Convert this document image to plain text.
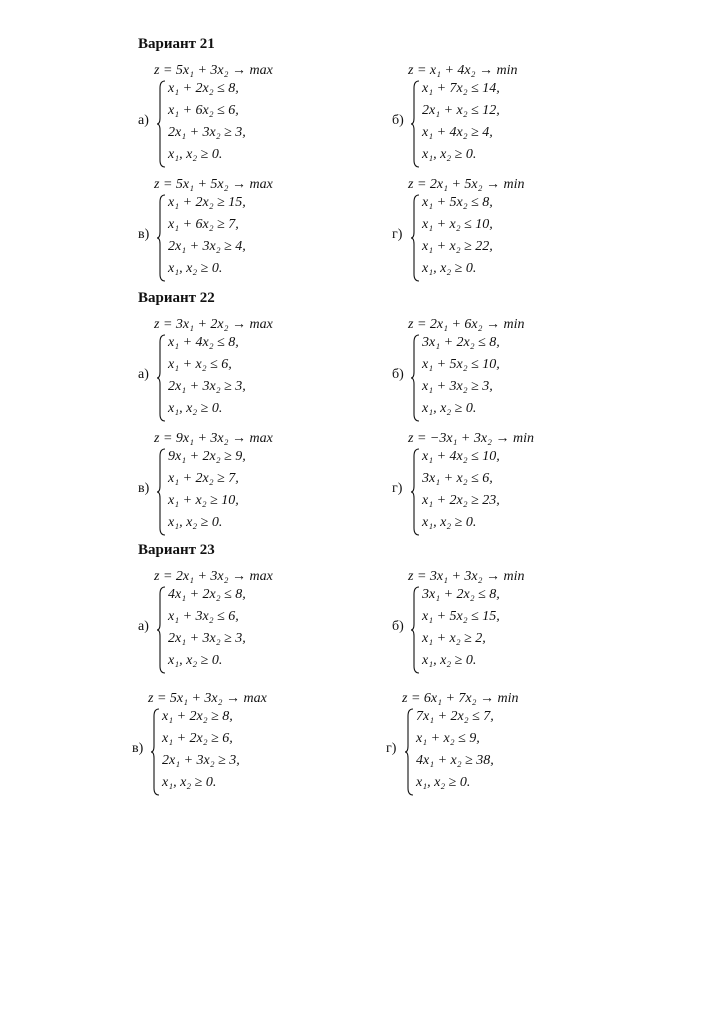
Вариант 21
z = 5x₁ + 3x₂ → max
а)
x₁ + 2x₂ ≤ 8,
x₁ + 6x₂ ≤ 6,
2x₁ + 3x₂ ≥ 3,
x₁, x₂ ≥ 0.
z = x₁ + 4x₂ → min
б)
x₁ + 7x₂ ≤ 14,
2x₁ + x₂ ≤ 12,
x₁ + 4x₂ ≥ 4,
x₁, x₂ ≥ 0.
z = 5x₁ + 5x₂ → max
в)
x₁ + 2x₂ ≥ 15,
x₁ + 6x₂ ≥ 7,
2x₁ + 3x₂ ≥ 4,
x₁, x₂ ≥ 0.
z = 2x₁ + 5x₂ → min
г)
x₁ + 5x₂ ≤ 8,
x₁ + x₂ ≤ 10,
x₁ + x₂ ≥ 22,
x₁, x₂ ≥ 0.
Вариант 22
z = 3x₁ + 2x₂ → max
а)
x₁ + 4x₂ ≤ 8,
x₁ + x₂ ≤ 6,
2x₁ + 3x₂ ≥ 3,
x₁, x₂ ≥ 0.
z = 2x₁ + 6x₂ → min
б)
3x₁ + 2x₂ ≤ 8,
x₁ + 5x₂ ≤ 10,
x₁ + 3x₂ ≥ 3,
x₁, x₂ ≥ 0.
z = 9x₁ + 3x₂ → max
в)
9x₁ + 2x₂ ≥ 9,
x₁ + 2x₂ ≥ 7,
x₁ + x₂ ≥ 10,
x₁, x₂ ≥ 0.
z = −3x₁ + 3x₂ → min
г)
x₁ + 4x₂ ≤ 10,
3x₁ + x₂ ≤ 6,
x₁ + 2x₂ ≥ 23,
x₁, x₂ ≥ 0.
Вариант 23
z = 2x₁ + 3x₂ → max
а)
4x₁ + 2x₂ ≤ 8,
x₁ + 3x₂ ≤ 6,
2x₁ + 3x₂ ≥ 3,
x₁, x₂ ≥ 0.
z = 3x₁ + 3x₂ → min
б)
3x₁ + 2x₂ ≤ 8,
x₁ + 5x₂ ≤ 15,
x₁ + x₂ ≥ 2,
x₁, x₂ ≥ 0.
z = 5x₁ + 3x₂ → max
в)
x₁ + 2x₂ ≥ 8,
x₁ + 2x₂ ≥ 6,
2x₁ + 3x₂ ≥ 3,
x₁, x₂ ≥ 0.
z = 6x₁ + 7x₂ → min
г)
7x₁ + 2x₂ ≤ 7,
x₁ + x₂ ≤ 9,
4x₁ + x₂ ≥ 38,
x₁, x₂ ≥ 0.
